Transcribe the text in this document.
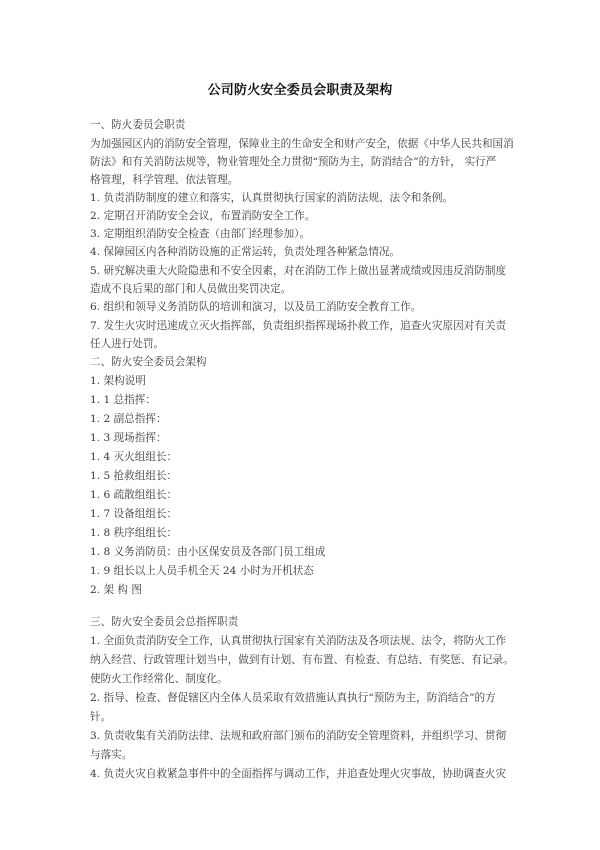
公司防火安全委员会职责及架构
一、防火委员会职责
为加强园区内的消防安全管理，保障业主的生命安全和财产安全，依据《中华人民共和国消
防法》和有关消防法规等，物业管理处全力贯彻“预防为主，防消结合”的方针， 实行严
格管理，科学管理、依法管理。
1. 负责消防制度的建立和落实，认真贯彻执行国家的消防法规、法令和条例。
2. 定期召开消防安全会议，布置消防安全工作。
3. 定期组织消防安全检查（由部门经理参加）。
4. 保障园区内各种消防设施的正常运转，负责处理各种紧急情况。
5. 研究解决重大火险隐患和不安全因素，对在消防工作上做出显著成绩或因违反消防制度
造成不良后果的部门和人员做出奖罚决定。
6. 组织和领导义务消防队的培训和演习，以及员工消防安全教育工作。
7. 发生火灾时迅速成立灭火指挥部，负责组织指挥现场扑救工作，追查火灾原因对有关责
任人进行处罚。
二、防火安全委员会架构
1. 架构说明
1. 1 总指挥：
1. 2 副总指挥：
1. 3 现场指挥：
1. 4 灭火组组长：
1. 5 抢救组组长：
1. 6 疏散组组长：
1. 7 设备组组长：
1. 8 秩序组组长：
1. 8 义务消防员：由小区保安员及各部门员工组成
1. 9 组长以上人员手机全天 24 小时为开机状态
2. 架 构 图
三、防火安全委员会总指挥职责
1. 全面负责消防安全工作，认真贯彻执行国家有关消防法及各项法规、法令，将防火工作
纳入经营、行政管理计划当中，做到有计划、有布置、有检查、有总结、有奖惩、有记录。
使防火工作经常化、制度化。
2. 指导、检查、督促辖区内全体人员采取有效措施认真执行“预防为主，防消结合”的方
针。
3. 负责收集有关消防法律、法规和政府部门颁布的消防安全管理资料，并组织学习、贯彻
与落实。
4. 负责火灾自救紧急事件中的全面指挥与调动工作，并追查处理火灾事故，协助调查火灾
